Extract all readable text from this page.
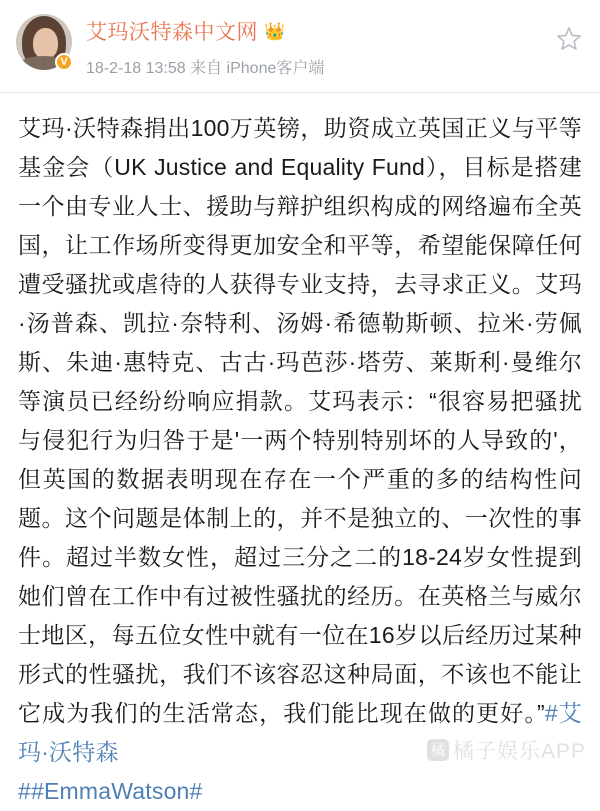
V
艾玛沃特森中文网 👑
18-2-18 13:58 来自 iPhone客户端
艾玛·沃特森捐出100万英镑，助资成立英国正义与平等基金会（UK Justice and Equality Fund），目标是搭建一个由专业人士、援助与辩护组织构成的网络遍布全英国，让工作场所变得更加安全和平等，希望能保障任何遭受骚扰或虐待的人获得专业支持，去寻求正义。艾玛·汤普森、凯拉·奈特利、汤姆·希德勒斯顿、拉米·劳佩斯、朱迪·惠特克、古古·玛芭莎·塔劳、莱斯利·曼维尔等演员已经纷纷响应捐款。艾玛表示：“很容易把骚扰与侵犯行为归咎于是'一两个特别特别坏的人导致的'，但英国的数据表明现在存在一个严重的多的结构性问题。这个问题是体制上的，并不是独立的、一次性的事件。超过半数女性，超过三分之二的18-24岁女性提到她们曾在工作中有过被性骚扰的经历。在英格兰与威尔士地区，每五位女性中就有一位在16岁以后经历过某种形式的性骚扰，我们不该容忍这种局面，不该也不能让它成为我们的生活常态，我们能比现在做的更好。”#艾玛·沃特森
##EmmaWatson#
橘 橘子娱乐APP
